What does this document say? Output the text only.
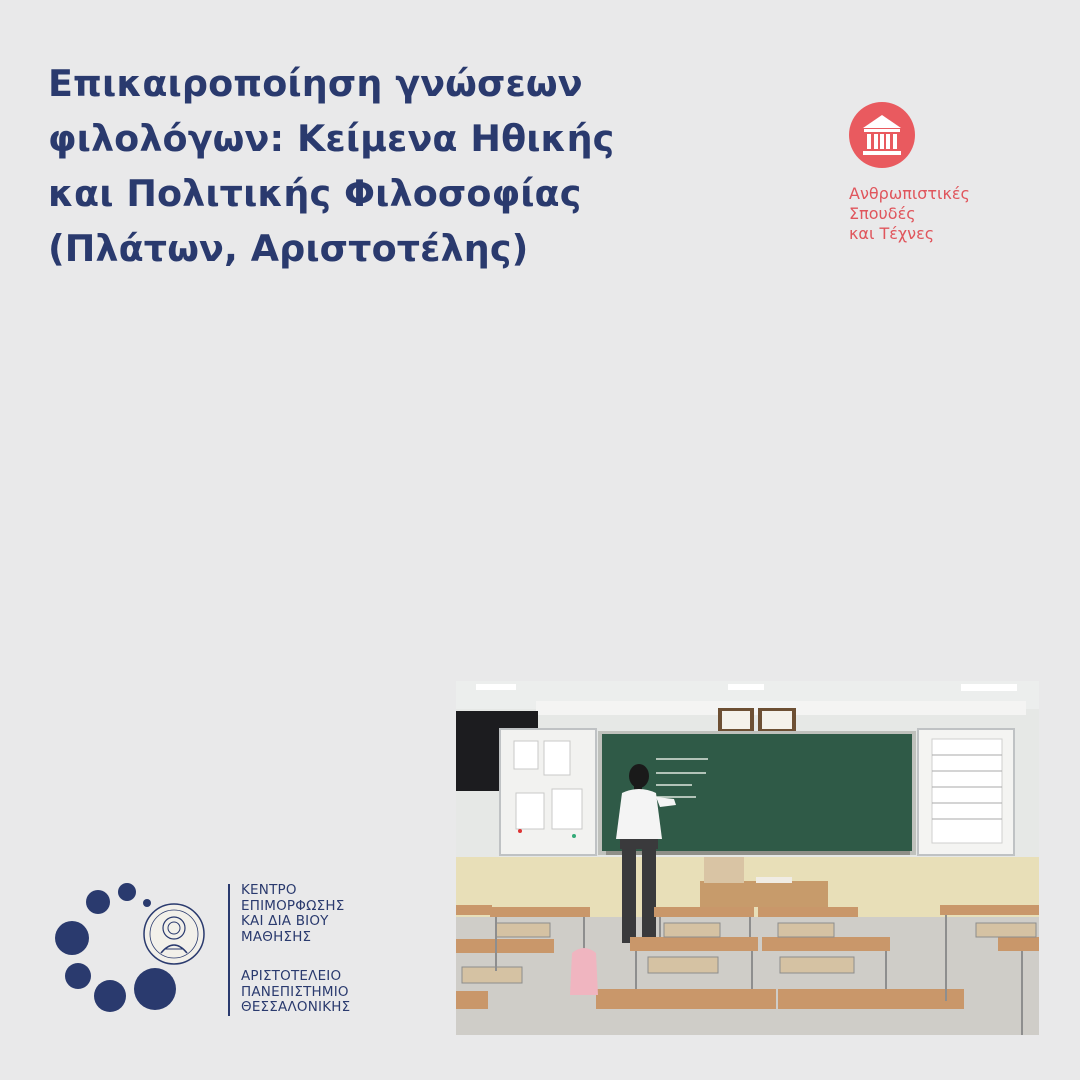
Επικαιροποίηση γνώσεων
φιλολόγων: Κείμενα Ηθικής
και Πολιτικής Φιλοσοφίας
(Πλάτων, Αριστοτέλης)
Ανθρωπιστικές
Σπουδές
και Τέχνες
ΚΕΝΤΡΟ
ΕΠΙΜΟΡΦΩΣΗΣ
ΚΑΙ ΔΙΑ ΒΙΟΥ
ΜΑΘΗΣΗΣ
ΑΡΙΣΤΟΤΕΛΕΙΟ
ΠΑΝΕΠΙΣΤΗΜΙΟ
ΘΕΣΣΑΛΟΝΙΚΗΣ
